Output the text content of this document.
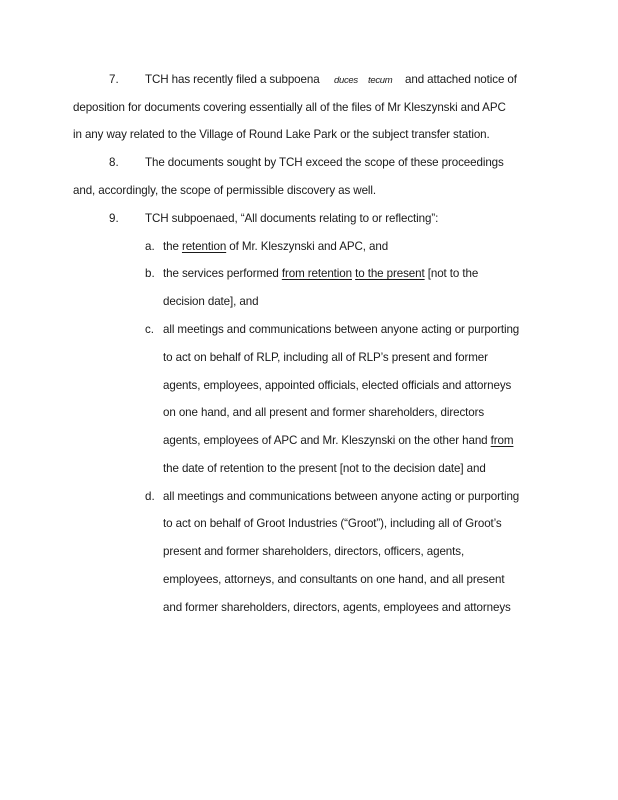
7. TCH has recently filed a subpoena duces tecum and attached notice of
deposition for documents covering essentially all of the files of Mr Kleszynski and APC
in any way related to the Village of Round Lake Park or the subject transfer station.
8. The documents sought by TCH exceed the scope of these proceedings
and, accordingly, the scope of permissible discovery as well.
9. TCH subpoenaed, “All documents relating to or reflecting”:
a. the retention of Mr. Kleszynski and APC, and
b. the services performed from retention to the present [not to the
decision date], and
c. all meetings and communications between anyone acting or purporting
to act on behalf of RLP, including all of RLP’s present and former
agents, employees, appointed officials, elected officials and attorneys
on one hand, and all present and former shareholders, directors
agents, employees of APC and Mr. Kleszynski on the other hand from
the date of retention to the present [not to the decision date] and
d. all meetings and communications between anyone acting or purporting
to act on behalf of Groot Industries (“Groot”), including all of Groot’s
present and former shareholders, directors, officers, agents,
employees, attorneys, and consultants on one hand, and all present
and former shareholders, directors, agents, employees and attorneys
